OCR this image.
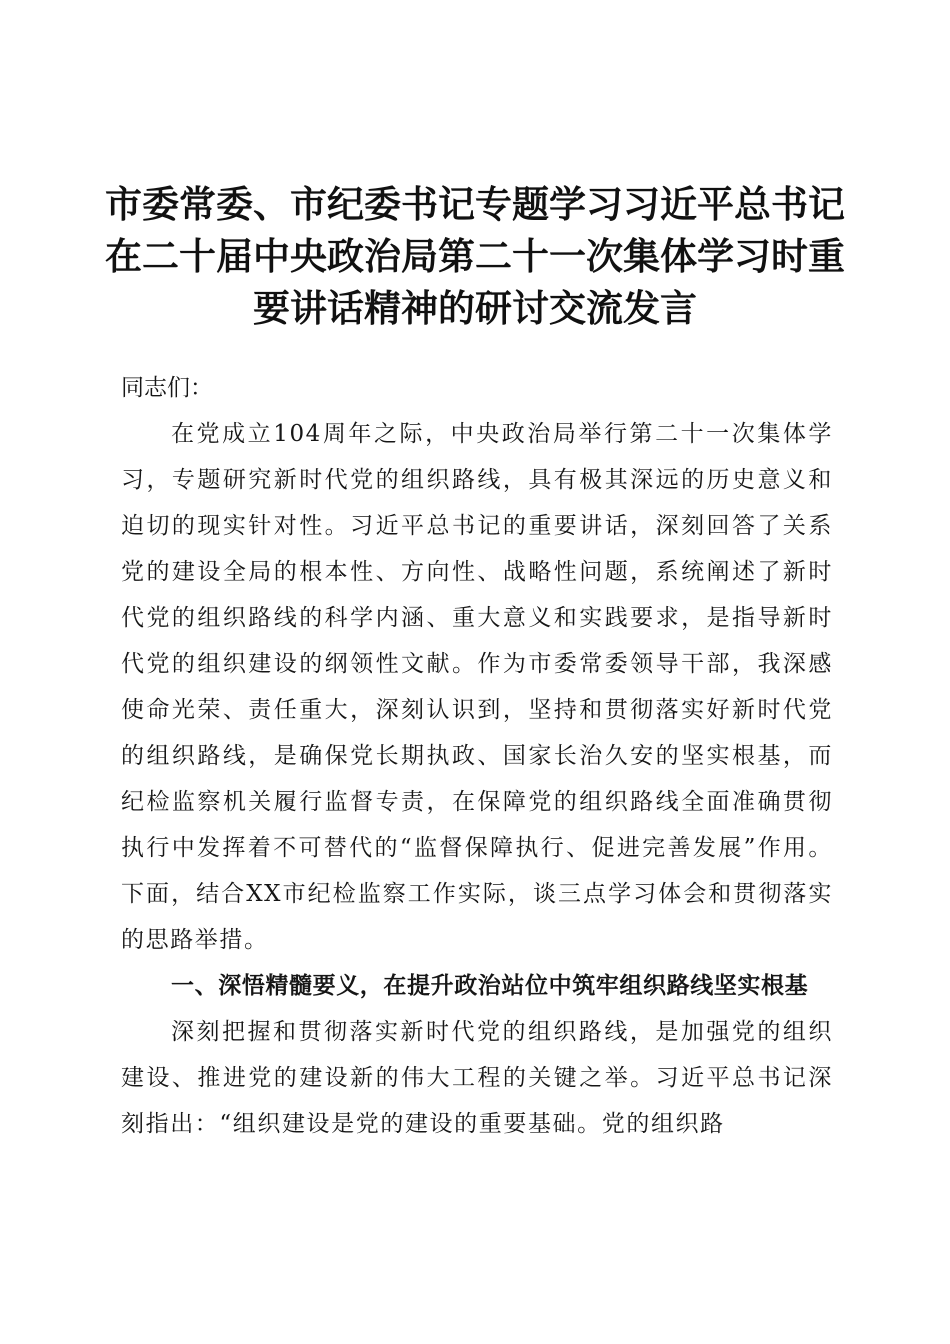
市委常委、市纪委书记专题学习习近平总书记
在二十届中央政治局第二十一次集体学习时重
要讲话精神的研讨交流发言

同志们：

在党成立104周年之际，中央政治局举行第二十一次集体学习，专题研究新时代党的组织路线，具有极其深远的历史意义和迫切的现实针对性。习近平总书记的重要讲话，深刻回答了关系党的建设全局的根本性、方向性、战略性问题，系统阐述了新时代党的组织路线的科学内涵、重大意义和实践要求，是指导新时代党的组织建设的纲领性文献。作为市委常委领导干部，我深感使命光荣、责任重大，深刻认识到，坚持和贯彻落实好新时代党的组织路线，是确保党长期执政、国家长治久安的坚实根基，而纪检监察机关履行监督专责，在保障党的组织路线全面准确贯彻执行中发挥着不可替代的“监督保障执行、促进完善发展”作用。下面，结合XX市纪检监察工作实际，谈三点学习体会和贯彻落实的思路举措。

一、深悟精髓要义，在提升政治站位中筑牢组织路线坚实根基

深刻把握和贯彻落实新时代党的组织路线，是加强党的组织建设、推进党的建设新的伟大工程的关键之举。习近平总书记深刻指出：“组织建设是党的建设的重要基础。党的组织路
